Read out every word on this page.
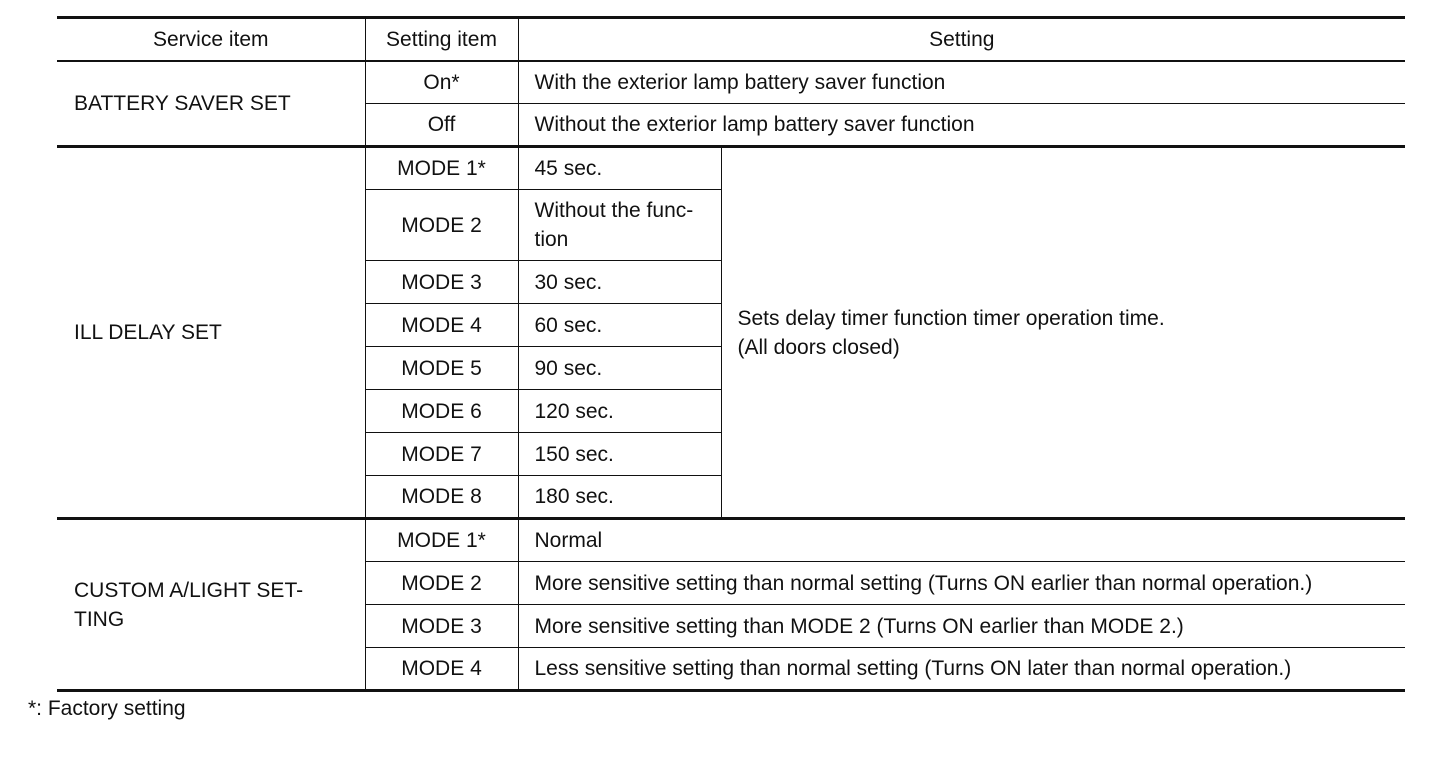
Service item	Setting item	Setting	
BATTERY SAVER SET	On*	With the exterior lamp battery saver function	
	Off	Without the exterior lamp battery saver function	
ILL DELAY SET	MODE 1*	45 sec.	Sets delay timer function timer operation time.
(All doors closed)

	MODE 2	Without the func-
tion	

	MODE 3	30 sec.	
	MODE 4	60 sec.	
	MODE 5	90 sec.	
	MODE 6	120 sec.	
	MODE 7	150 sec.	
	MODE 8	180 sec.	

CUSTOM A/LIGHT SET-
TING	MODE 1*	Normal	
	MODE 2	More sensitive setting than normal setting (Turns ON earlier than normal operation.)	
	MODE 3	More sensitive setting than MODE 2 (Turns ON earlier than MODE 2.)	
	MODE 4	Less sensitive setting than normal setting (Turns ON later than normal operation.)	
*: Factory setting
